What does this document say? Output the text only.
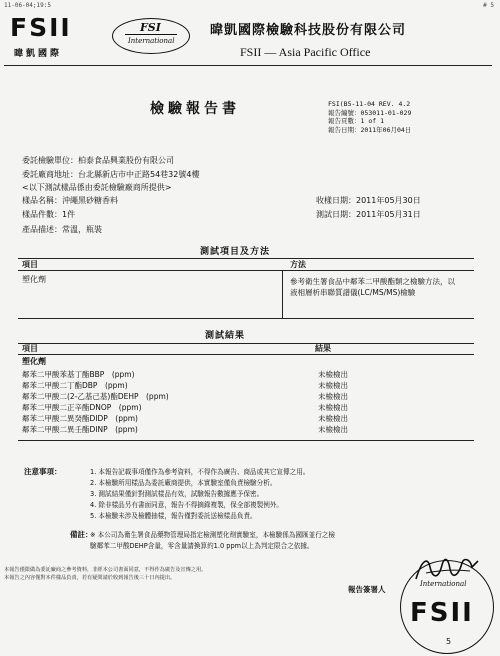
11-06-04;19:5	# 5
FSII
暐凱國際
FSI
International
暐凱國際檢驗科技股份有限公司
FSII — Asia Pacific Office
檢驗報告書	FSI(B5-11-04 REV. 4.2
報告編號：053011-01-029
報告頁數：1 of 1
報告日期：2011年06月04日
委託檢驗單位：柏泰食品興業股份有限公司
委託廠商地址：台北縣新店市中正路54巷32號4樓
<以下測試樣品係由委託檢驗廠商所提供>
樣品名稱：沖繩黑砂糖香料	收樣日期：2011年05月30日
樣品件數：1件	測試日期：2011年05月31日
產品描述：常溫，瓶裝
測試項目及方法
項目	方法
塑化劑	參考衛生署食品中鄰苯二甲酸酯類之檢驗方法，以液相層析串聯質譜儀(LC/MS/MS)檢驗
測試結果
項目	結果
塑化劑
鄰苯二甲酸苯基丁酯BBP　(ppm)	未檢檢出
鄰苯二甲酸二丁酯DBP　(ppm)	未檢檢出
鄰苯二甲酸二(2-乙基己基)酯DEHP　(ppm)	未檢檢出
鄰苯二甲酸二正辛酯DNOP　(ppm)	未檢檢出
鄰苯二甲酸二異癸酯DIDP　(ppm)	未檢檢出
鄰苯二甲酸二異壬酯DINP　(ppm)	未檢檢出
注意事項：	1. 本報告記載事項僅作為參考資料，不得作為廣告、商品或其它宣傳之用。
2. 本檢驗所用樣品為委託廠商提供，本實驗室僅負責檢驗分析。
3. 測試結果僅針對測試樣品有效，試驗報告數據應予保密。
4. 除非樣品另有書面同意，報告不得摘錄複製，保全部複製例外。
5. 本檢驗未涉及檢體抽樣，報告僅對委託送檢樣品負責。
備註：
※ 本公司為衛生署食品藥物管理局指定檢測塑化劑實驗室，本檢驗係為國匯並行之檢
驗鄰苯二甲酸DEHP含量，零含量請換算約1.0 ppm以上為判定限合之依據。
本報告僅限做為委託廠商之參考資料，非經本公司書面同意，不得作為廣告及宣傳之用。
本報告之內容僅對本件樣品負責，若有疑問請於收到報告後三十日內提出。
報告簽署人
International
FSII
5
